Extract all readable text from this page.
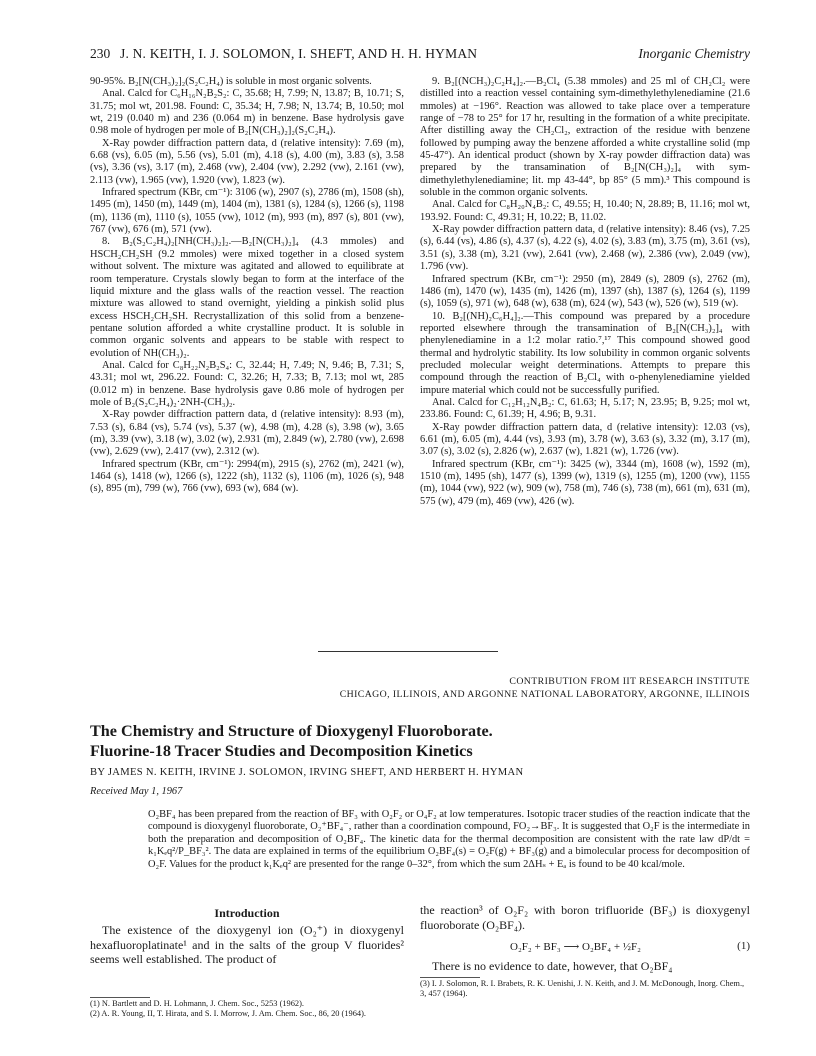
230 J. N. KEITH, I. J. SOLOMON, I. SHEFT, AND H. H. HYMAN	Inorganic Chemistry

90-95%. B₂[N(CH₃)₂]₂(S₂C₂H₄) is soluble in most organic solvents.

Anal. Calcd for C₆H₁₆N₂B₂S₂: C, 35.68; H, 7.99; N, 13.87; B, 10.71; S, 31.75; mol wt, 201.98. Found: C, 35.34; H, 7.98; N, 13.74; B, 10.50; mol wt, 219 (0.040 m) and 236 (0.064 m) in benzene. Base hydrolysis gave 0.98 mole of hydrogen per mole of B₂[N(CH₃)₂]₂(S₂C₂H₄).

X-Ray powder diffraction pattern data, d (relative intensity): 7.69 (m), 6.68 (vs), 6.05 (m), 5.56 (vs), 5.01 (m), 4.18 (s), 4.00 (m), 3.83 (s), 3.58 (vs), 3.36 (vs), 3.17 (m), 2.468 (vw), 2.404 (vw), 2.292 (vw), 2.161 (vw), 2.113 (vw), 1.965 (vw), 1.920 (vw), 1.823 (w).

Infrared spectrum (KBr, cm⁻¹): 3106 (w), 2907 (s), 2786 (m), 1508 (sh), 1495 (m), 1450 (m), 1449 (m), 1404 (m), 1381 (s), 1284 (s), 1266 (s), 1198 (m), 1136 (m), 1110 (s), 1055 (vw), 1012 (m), 993 (m), 897 (s), 801 (vw), 767 (vw), 676 (m), 571 (vw).

8. B₂(S₂C₂H₄)₂[NH(CH₃)₂]₂.—B₂[N(CH₃)₂]₄ (4.3 mmoles) and HSCH₂CH₂SH (9.2 mmoles) were mixed together in a closed system without solvent. The mixture was agitated and allowed to equilibrate at room temperature. Crystals slowly began to form at the interface of the liquid mixture and the glass walls of the reaction vessel. The reaction mixture was allowed to stand overnight, yielding a pinkish solid plus excess HSCH₂CH₂SH. Recrystallization of this solid from a benzene-pentane solution afforded a white crystalline product. It is soluble in common organic solvents and appears to be stable with respect to evolution of NH(CH₃)₂.

Anal. Calcd for C₈H₂₂N₂B₂S₄: C, 32.44; H, 7.49; N, 9.46; B, 7.31; S, 43.31; mol wt, 296.22. Found: C, 32.26; H, 7.33; B, 7.13; mol wt, 285 (0.012 m) in benzene. Base hydrolysis gave 0.86 mole of hydrogen per mole of B₂(S₂C₂H₄)₂·2NH-(CH₃)₂.

X-Ray powder diffraction pattern data, d (relative intensity): 8.93 (m), 7.53 (s), 6.84 (vs), 5.74 (vs), 5.37 (w), 4.98 (m), 4.28 (s), 3.98 (w), 3.65 (m), 3.39 (vw), 3.18 (w), 3.02 (w), 2.931 (m), 2.849 (w), 2.780 (vw), 2.698 (vw), 2.629 (vw), 2.417 (vw), 2.312 (w).

Infrared spectrum (KBr, cm⁻¹): 2994(m), 2915 (s), 2762 (m), 2421 (w), 1464 (s), 1418 (w), 1266 (s), 1222 (sh), 1132 (s), 1106 (m), 1026 (s), 948 (s), 895 (m), 799 (w), 766 (vw), 693 (w), 684 (w).

9. B₂[(NCH₃)₂C₂H₄]₂.—B₂Cl₄ (5.38 mmoles) and 25 ml of CH₂Cl₂ were distilled into a reaction vessel containing sym-dimethylethylenediamine (21.6 mmoles) at −196°. Reaction was allowed to take place over a temperature range of −78 to 25° for 17 hr, resulting in the formation of a white precipitate. After distilling away the CH₂Cl₂, extraction of the residue with benzene followed by pumping away the benzene afforded a white crystalline solid (mp 45-47°). An identical product (shown by X-ray powder diffraction data) was prepared by the transamination of B₂[N(CH₃)₂]₄ with sym-dimethylethylenediamine; lit. mp 43-44°, bp 85° (5 mm).³ This compound is soluble in the common organic solvents.

Anal. Calcd for C₈H₂₀N₄B₂: C, 49.55; H, 10.40; N, 28.89; B, 11.16; mol wt, 193.92. Found: C, 49.31; H, 10.22; B, 11.02.

X-Ray powder diffraction pattern data, d (relative intensity): 8.46 (vs), 7.25 (s), 6.44 (vs), 4.86 (s), 4.37 (s), 4.22 (s), 4.02 (s), 3.83 (m), 3.75 (m), 3.61 (vs), 3.51 (s), 3.38 (m), 3.21 (vw), 2.641 (vw), 2.468 (w), 2.386 (vw), 2.049 (vw), 1.796 (vw).

Infrared spectrum (KBr, cm⁻¹): 2950 (m), 2849 (s), 2809 (s), 2762 (m), 1486 (m), 1470 (w), 1435 (m), 1426 (m), 1397 (sh), 1387 (s), 1264 (s), 1199 (s), 1059 (s), 971 (w), 648 (w), 638 (m), 624 (w), 543 (w), 526 (w), 519 (w).

10. B₂[(NH)₂C₆H₄]₂.—This compound was prepared by a procedure reported elsewhere through the transamination of B₂[N(CH₃)₂]₄ with phenylenediamine in a 1:2 molar ratio.⁷,¹⁷ This compound showed good thermal and hydrolytic stability. Its low solubility in common organic solvents precluded molecular weight determinations. Attempts to prepare this compound through the reaction of B₂Cl₄ with o-phenylenediamine yielded impure material which could not be successfully purified.

Anal. Calcd for C₁₂H₁₂N₄B₂: C, 61.63; H, 5.17; N, 23.95; B, 9.25; mol wt, 233.86. Found: C, 61.39; H, 4.96; B, 9.31.

X-Ray powder diffraction pattern data, d (relative intensity): 12.03 (vs), 6.61 (m), 6.05 (m), 4.44 (vs), 3.93 (m), 3.78 (w), 3.63 (s), 3.32 (m), 3.17 (m), 3.07 (s), 3.02 (s), 2.826 (w), 2.637 (w), 1.821 (w), 1.726 (vw).

Infrared spectrum (KBr, cm⁻¹): 3425 (w), 3344 (m), 1608 (w), 1592 (m), 1510 (m), 1495 (sh), 1477 (s), 1399 (w), 1319 (s), 1255 (m), 1200 (vw), 1155 (m), 1044 (vw), 922 (w), 909 (w), 758 (m), 746 (s), 738 (m), 661 (m), 631 (m), 575 (w), 479 (m), 469 (vw), 426 (w).

CONTRIBUTION FROM IIT RESEARCH INSTITUTE
CHICAGO, ILLINOIS, AND ARGONNE NATIONAL LABORATORY, ARGONNE, ILLINOIS
The Chemistry and Structure of Dioxygenyl Fluoroborate.
Fluorine-18 Tracer Studies and Decomposition Kinetics
BY JAMES N. KEITH, IRVINE J. SOLOMON, IRVING SHEFT, AND HERBERT H. HYMAN
Received May 1, 1967
O₂BF₄ has been prepared from the reaction of BF₃ with O₂F₂ or O₄F₂ at low temperatures. Isotopic tracer studies of the reaction indicate that the compound is dioxygenyl fluoroborate, O₂⁺BF₄⁻, rather than a coordination compound, FO₂→BF₃. It is suggested that O₂F is the intermediate in both the preparation and decomposition of O₂BF₄. The kinetic data for the thermal decomposition are consistent with the rate law dP/dt = k₁Kₑq²/P_BF₃². The data are explained in terms of the equilibrium O₂BF₄(s) = O₂F(g) + BF₃(g) and a bimolecular process for decomposition of O₂F. Values for the product k₁Kₑq² are presented for the range 0–32°, from which the sum 2ΔHₛ + Eₐ is found to be 40 kcal/mole.
Introduction
The existence of the dioxygenyl ion (O₂⁺) in dioxygenyl hexafluoroplatinate¹ and in the salts of the group V fluorides² seems well established. The product of
the reaction³ of O₂F₂ with boron trifluoride (BF₃) is dioxygenyl fluoroborate (O₂BF₄).
O₂F₂ + BF₃ ⟶ O₂BF₄ + ½F₂	(1)
There is no evidence to date, however, that O₂BF₄

(1) N. Bartlett and D. H. Lohmann, J. Chem. Soc., 5253 (1962).

(2) A. R. Young, II, T. Hirata, and S. I. Morrow, J. Am. Chem. Soc., 86, 20 (1964).

(3) I. J. Solomon, R. I. Brabets, R. K. Uenishi, J. N. Keith, and J. M. McDonough, Inorg. Chem., 3, 457 (1964).
